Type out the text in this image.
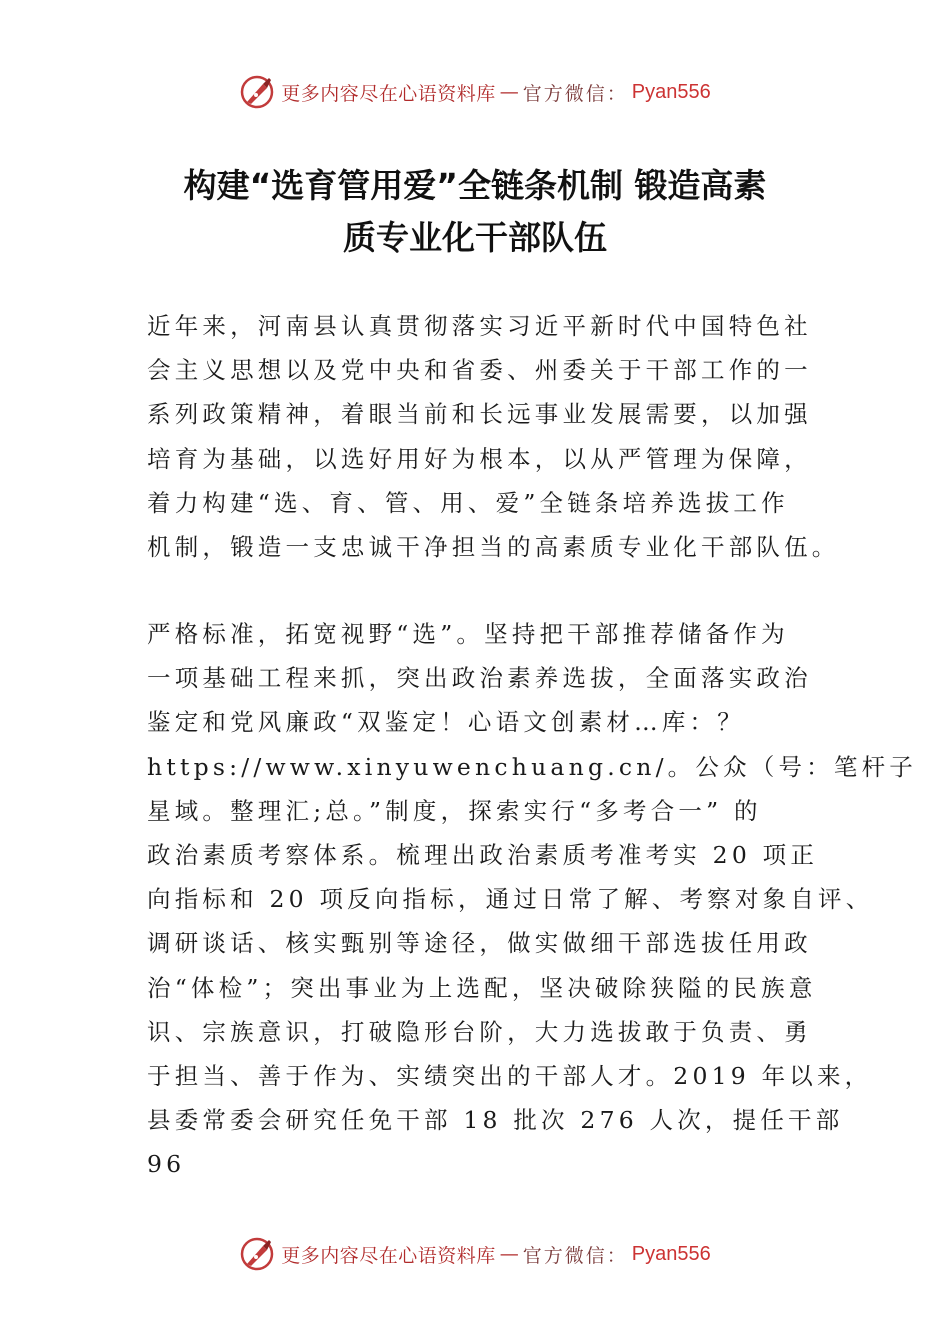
更多内容尽在心语资料库 — 官方微信： Pyan556
构建“选育管用爱”全链条机制 锻造高素
质专业化干部队伍

近年来，河南县认真贯彻落实习近平新时代中国特色社
会主义思想以及党中央和省委、州委关于干部工作的一
系列政策精神，着眼当前和长远事业发展需要，以加强
培育为基础，以选好用好为根本，以从严管理为保障，
着力构建“选、育、管、用、爱”全链条培养选拔工作
机制，锻造一支忠诚干净担当的高素质专业化干部队伍。

严格标准，拓宽视野“选”。坚持把干部推荐储备作为
一项基础工程来抓，突出政治素养选拔，全面落实政治
鉴定和党风廉政“双鉴定！心语文创素材…库：？
https://www.xinyuwenchuang.cn/。公众（号：笔杆子
星域。整理汇;总。”制度，探索实行“多考合一” 的
政治素质考察体系。梳理出政治素质考准考实 20 项正
向指标和 20 项反向指标，通过日常了解、考察对象自评、
调研谈话、核实甄别等途径，做实做细干部选拔任用政
治“体检”；突出事业为上选配，坚决破除狭隘的民族意
识、宗族意识，打破隐形台阶，大力选拔敢于负责、勇
于担当、善于作为、实绩突出的干部人才。2019 年以来，
县委常委会研究任免干部 18 批次 276 人次，提任干部
96

更多内容尽在心语资料库 — 官方微信： Pyan556
